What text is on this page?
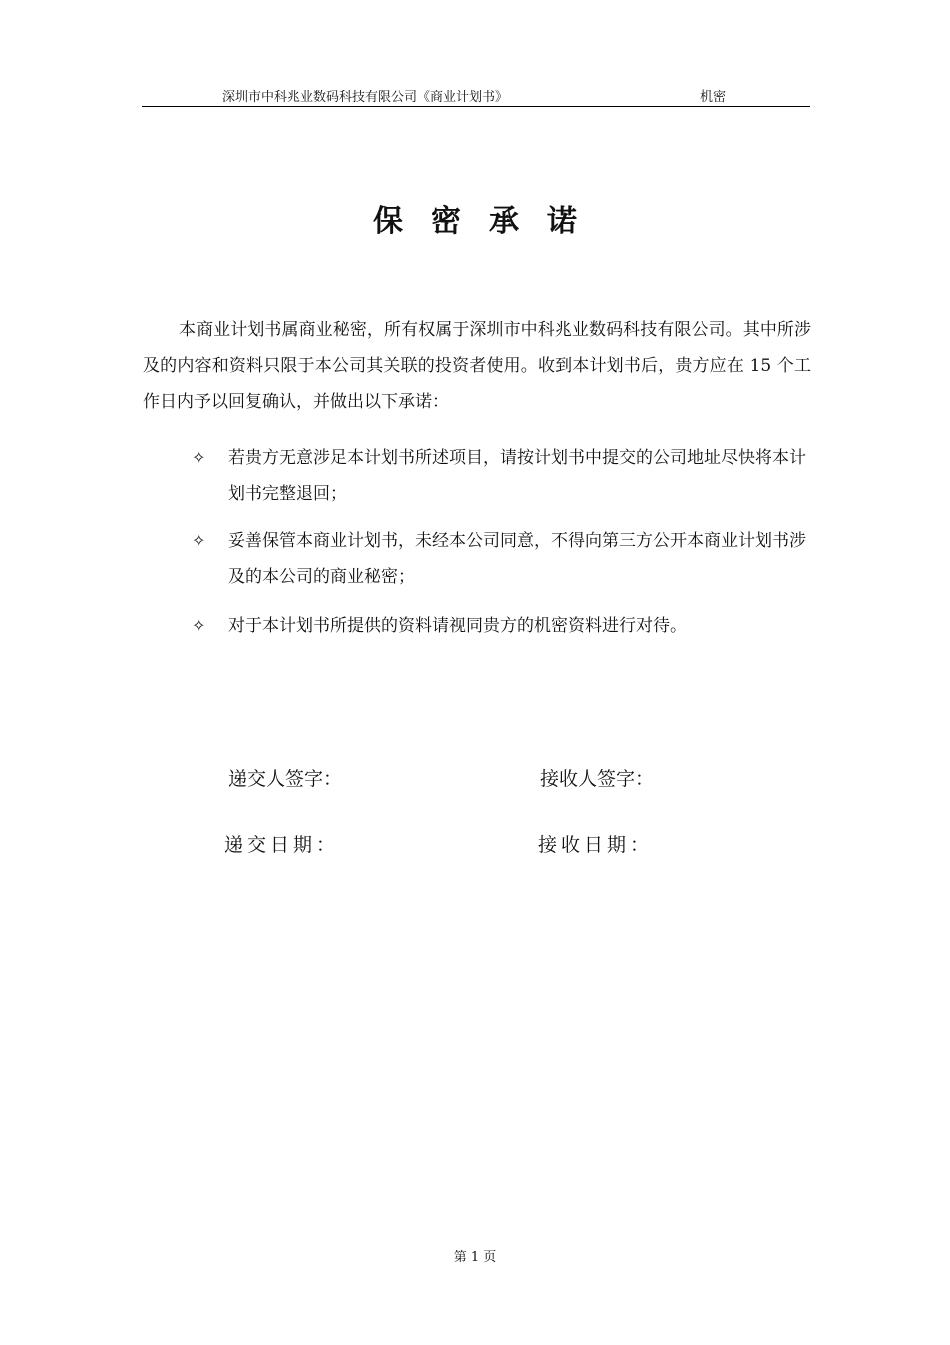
深圳市中科兆业数码科技有限公司《商业计划书》	机密
保密承诺
本商业计划书属商业秘密，所有权属于深圳市中科兆业数码科技有限公司。其中所涉及的内容和资料只限于本公司其关联的投资者使用。收到本计划书后，贵方应在 15 个工作日内予以回复确认，并做出以下承诺：
✧	若贵方无意涉足本计划书所述项目，请按计划书中提交的公司地址尽快将本计划书完整退回；
✧	妥善保管本商业计划书，未经本公司同意，不得向第三方公开本商业计划书涉及的本公司的商业秘密；
✧	对于本计划书所提供的资料请视同贵方的机密资料进行对待。
递交人签字：	接收人签字：
递交日期：	接收日期：
第 1 页
